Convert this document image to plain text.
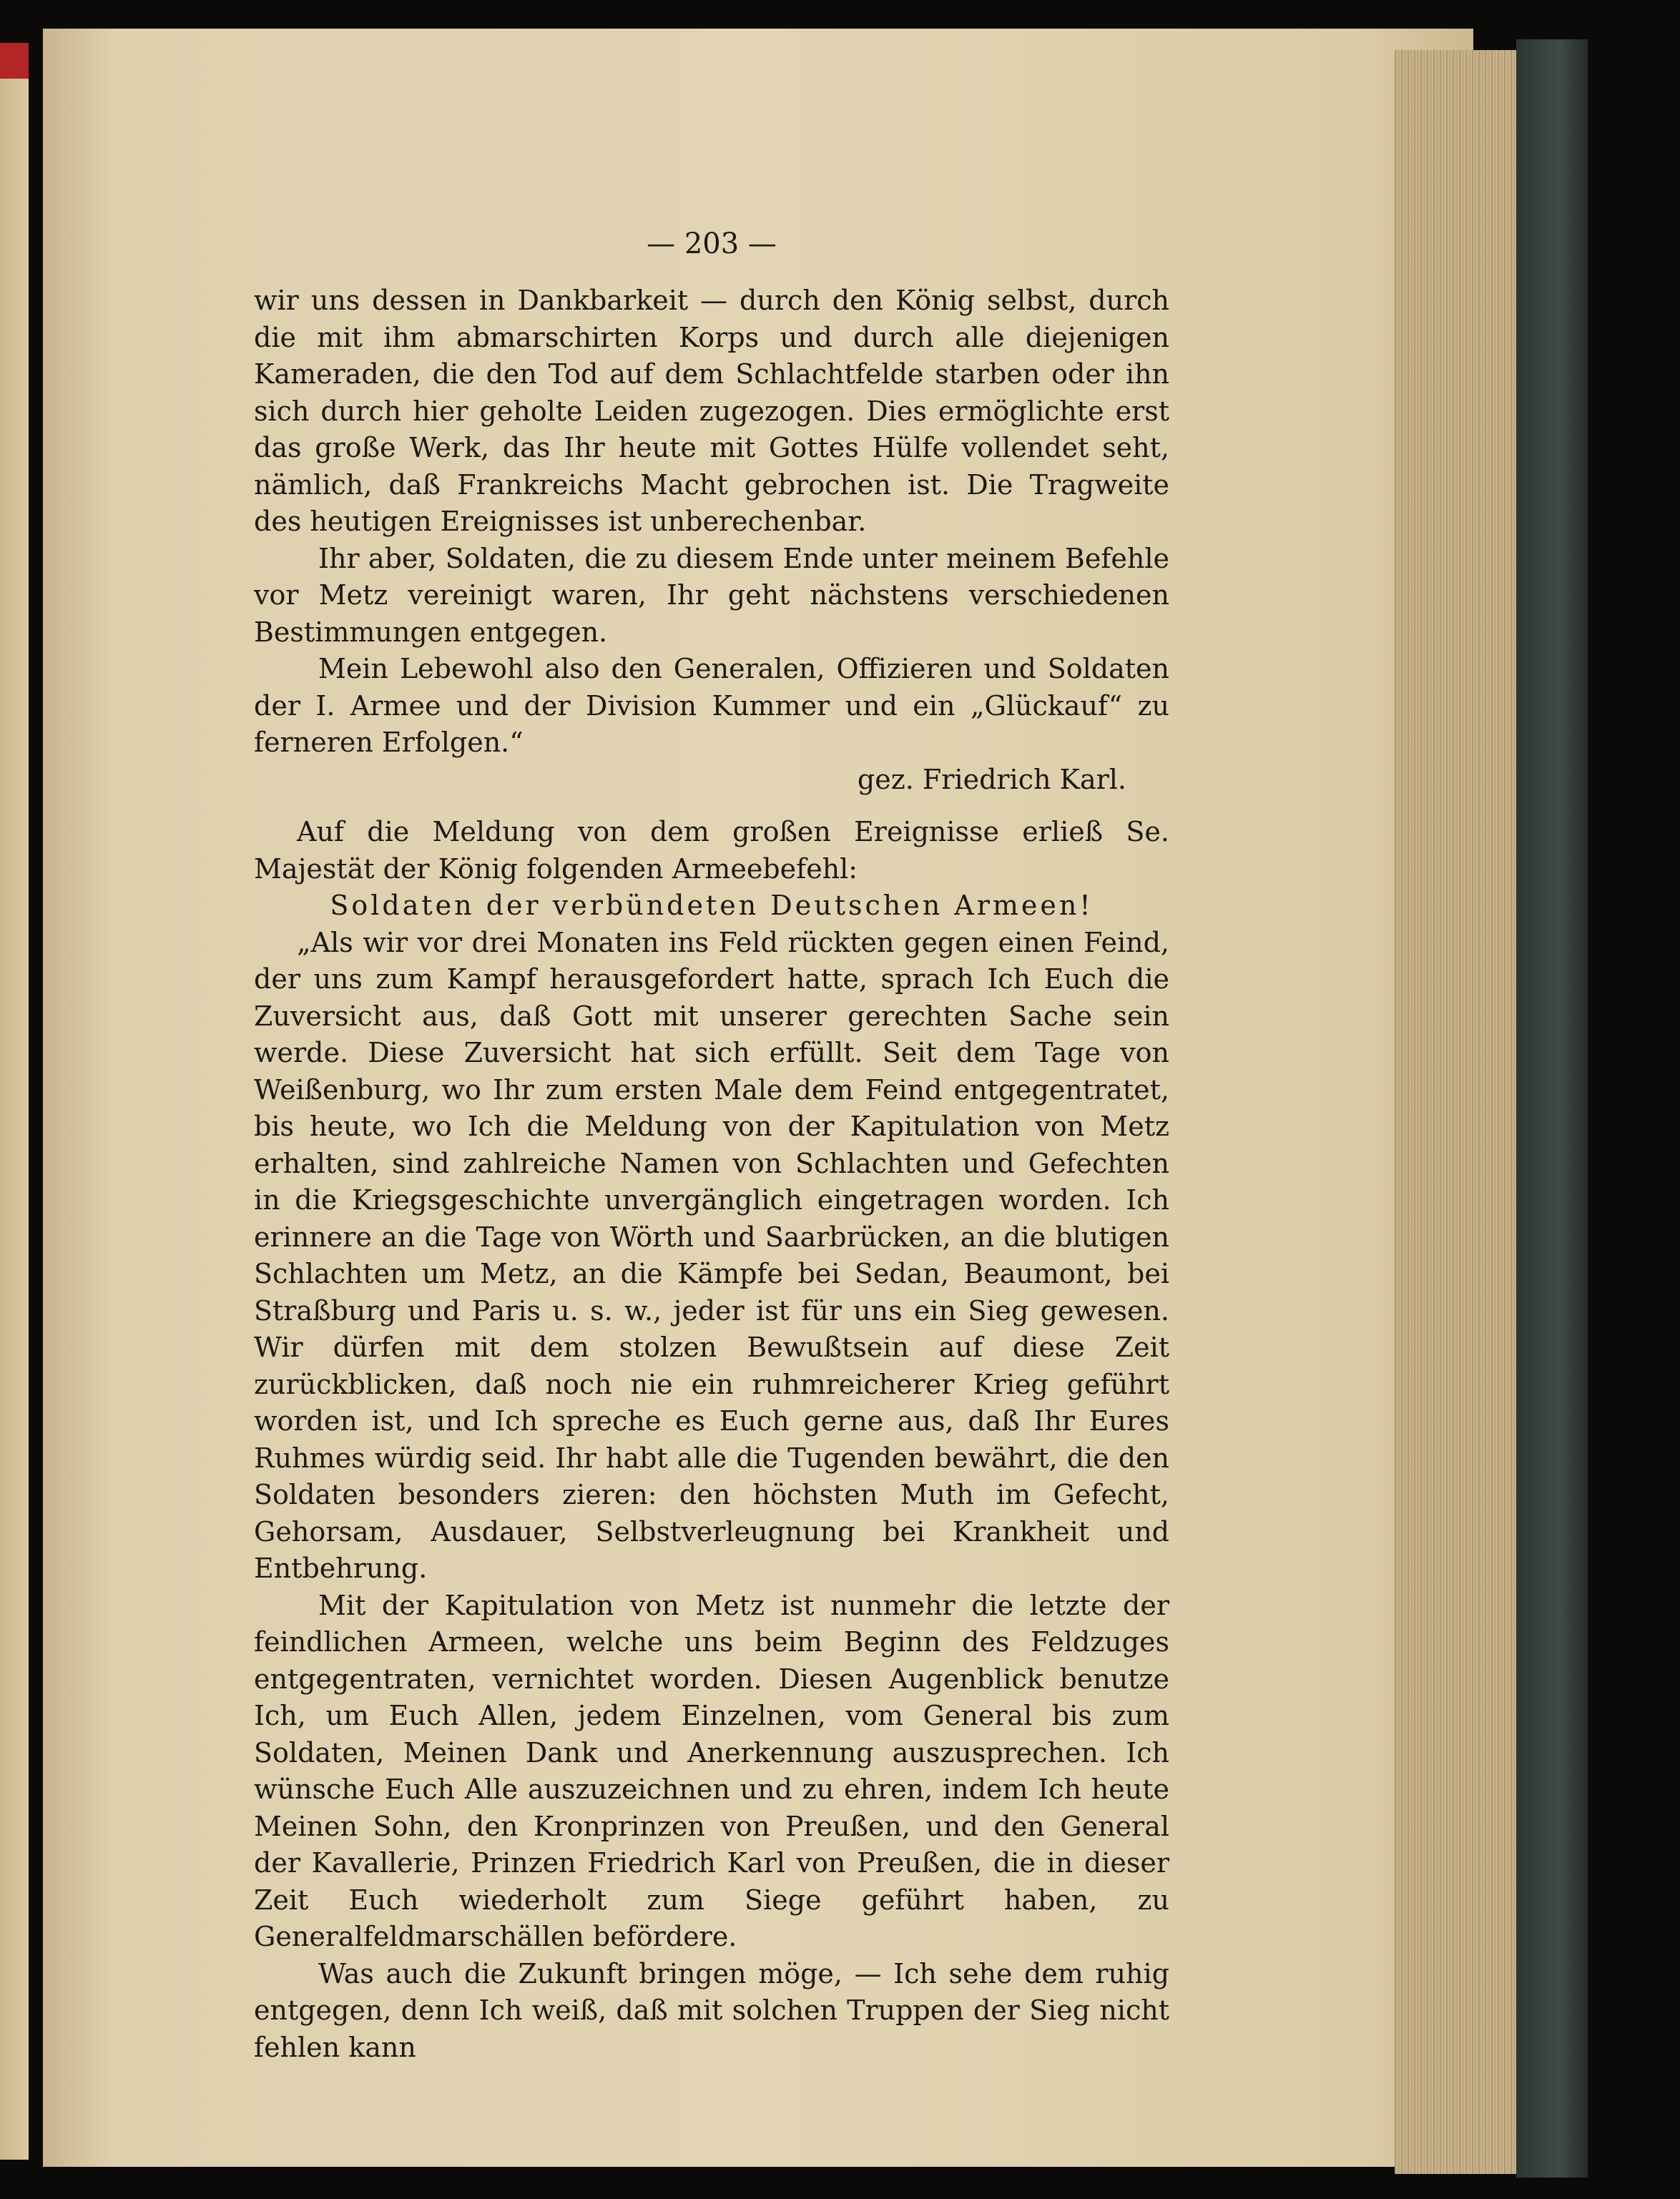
— 203 —

wir uns dessen in Dankbarkeit — durch den König selbst, durch die mit ihm abmarschirten Korps und durch alle diejenigen Kameraden, die den Tod auf dem Schlachtfelde starben oder ihn sich durch hier geholte Leiden zugezogen. Dies ermöglichte erst das große Werk, das Ihr heute mit Gottes Hülfe vollendet seht, nämlich, daß Frankreichs Macht gebrochen ist. Die Tragweite des heutigen Ereignisses ist unberechenbar.

Ihr aber, Soldaten, die zu diesem Ende unter meinem Befehle vor Metz vereinigt waren, Ihr geht nächstens verschiedenen Bestimmungen entgegen.

Mein Lebewohl also den Generalen, Offizieren und Soldaten der I. Armee und der Division Kummer und ein „Glückauf“ zu ferneren Erfolgen.“

gez. Friedrich Karl.

Auf die Meldung von dem großen Ereignisse erließ Se. Majestät der König folgenden Armeebefehl:

Soldaten der verbündeten Deutschen Armeen!

„Als wir vor drei Monaten ins Feld rückten gegen einen Feind, der uns zum Kampf herausgefordert hatte, sprach Ich Euch die Zuversicht aus, daß Gott mit unserer gerechten Sache sein werde. Diese Zuversicht hat sich erfüllt. Seit dem Tage von Weißenburg, wo Ihr zum ersten Male dem Feind entgegentratet, bis heute, wo Ich die Meldung von der Kapitulation von Metz erhalten, sind zahlreiche Namen von Schlachten und Gefechten in die Kriegsgeschichte unvergänglich eingetragen worden. Ich erinnere an die Tage von Wörth und Saarbrücken, an die blutigen Schlachten um Metz, an die Kämpfe bei Sedan, Beaumont, bei Straßburg und Paris u. s. w., jeder ist für uns ein Sieg gewesen. Wir dürfen mit dem stolzen Bewußtsein auf diese Zeit zurückblicken, daß noch nie ein ruhmreicherer Krieg geführt worden ist, und Ich spreche es Euch gerne aus, daß Ihr Eures Ruhmes würdig seid. Ihr habt alle die Tugenden bewährt, die den Soldaten besonders zieren: den höchsten Muth im Gefecht, Gehorsam, Ausdauer, Selbstverleugnung bei Krankheit und Entbehrung.

Mit der Kapitulation von Metz ist nunmehr die letzte der feindlichen Armeen, welche uns beim Beginn des Feldzuges entgegentraten, vernichtet worden. Diesen Augenblick benutze Ich, um Euch Allen, jedem Einzelnen, vom General bis zum Soldaten, Meinen Dank und Anerkennung auszusprechen. Ich wünsche Euch Alle auszuzeichnen und zu ehren, indem Ich heute Meinen Sohn, den Kronprinzen von Preußen, und den General der Kavallerie, Prinzen Friedrich Karl von Preußen, die in dieser Zeit Euch wiederholt zum Siege geführt haben, zu Generalfeldmarschällen befördere.

Was auch die Zukunft bringen möge, — Ich sehe dem ruhig entgegen, denn Ich weiß, daß mit solchen Truppen der Sieg nicht fehlen kann
